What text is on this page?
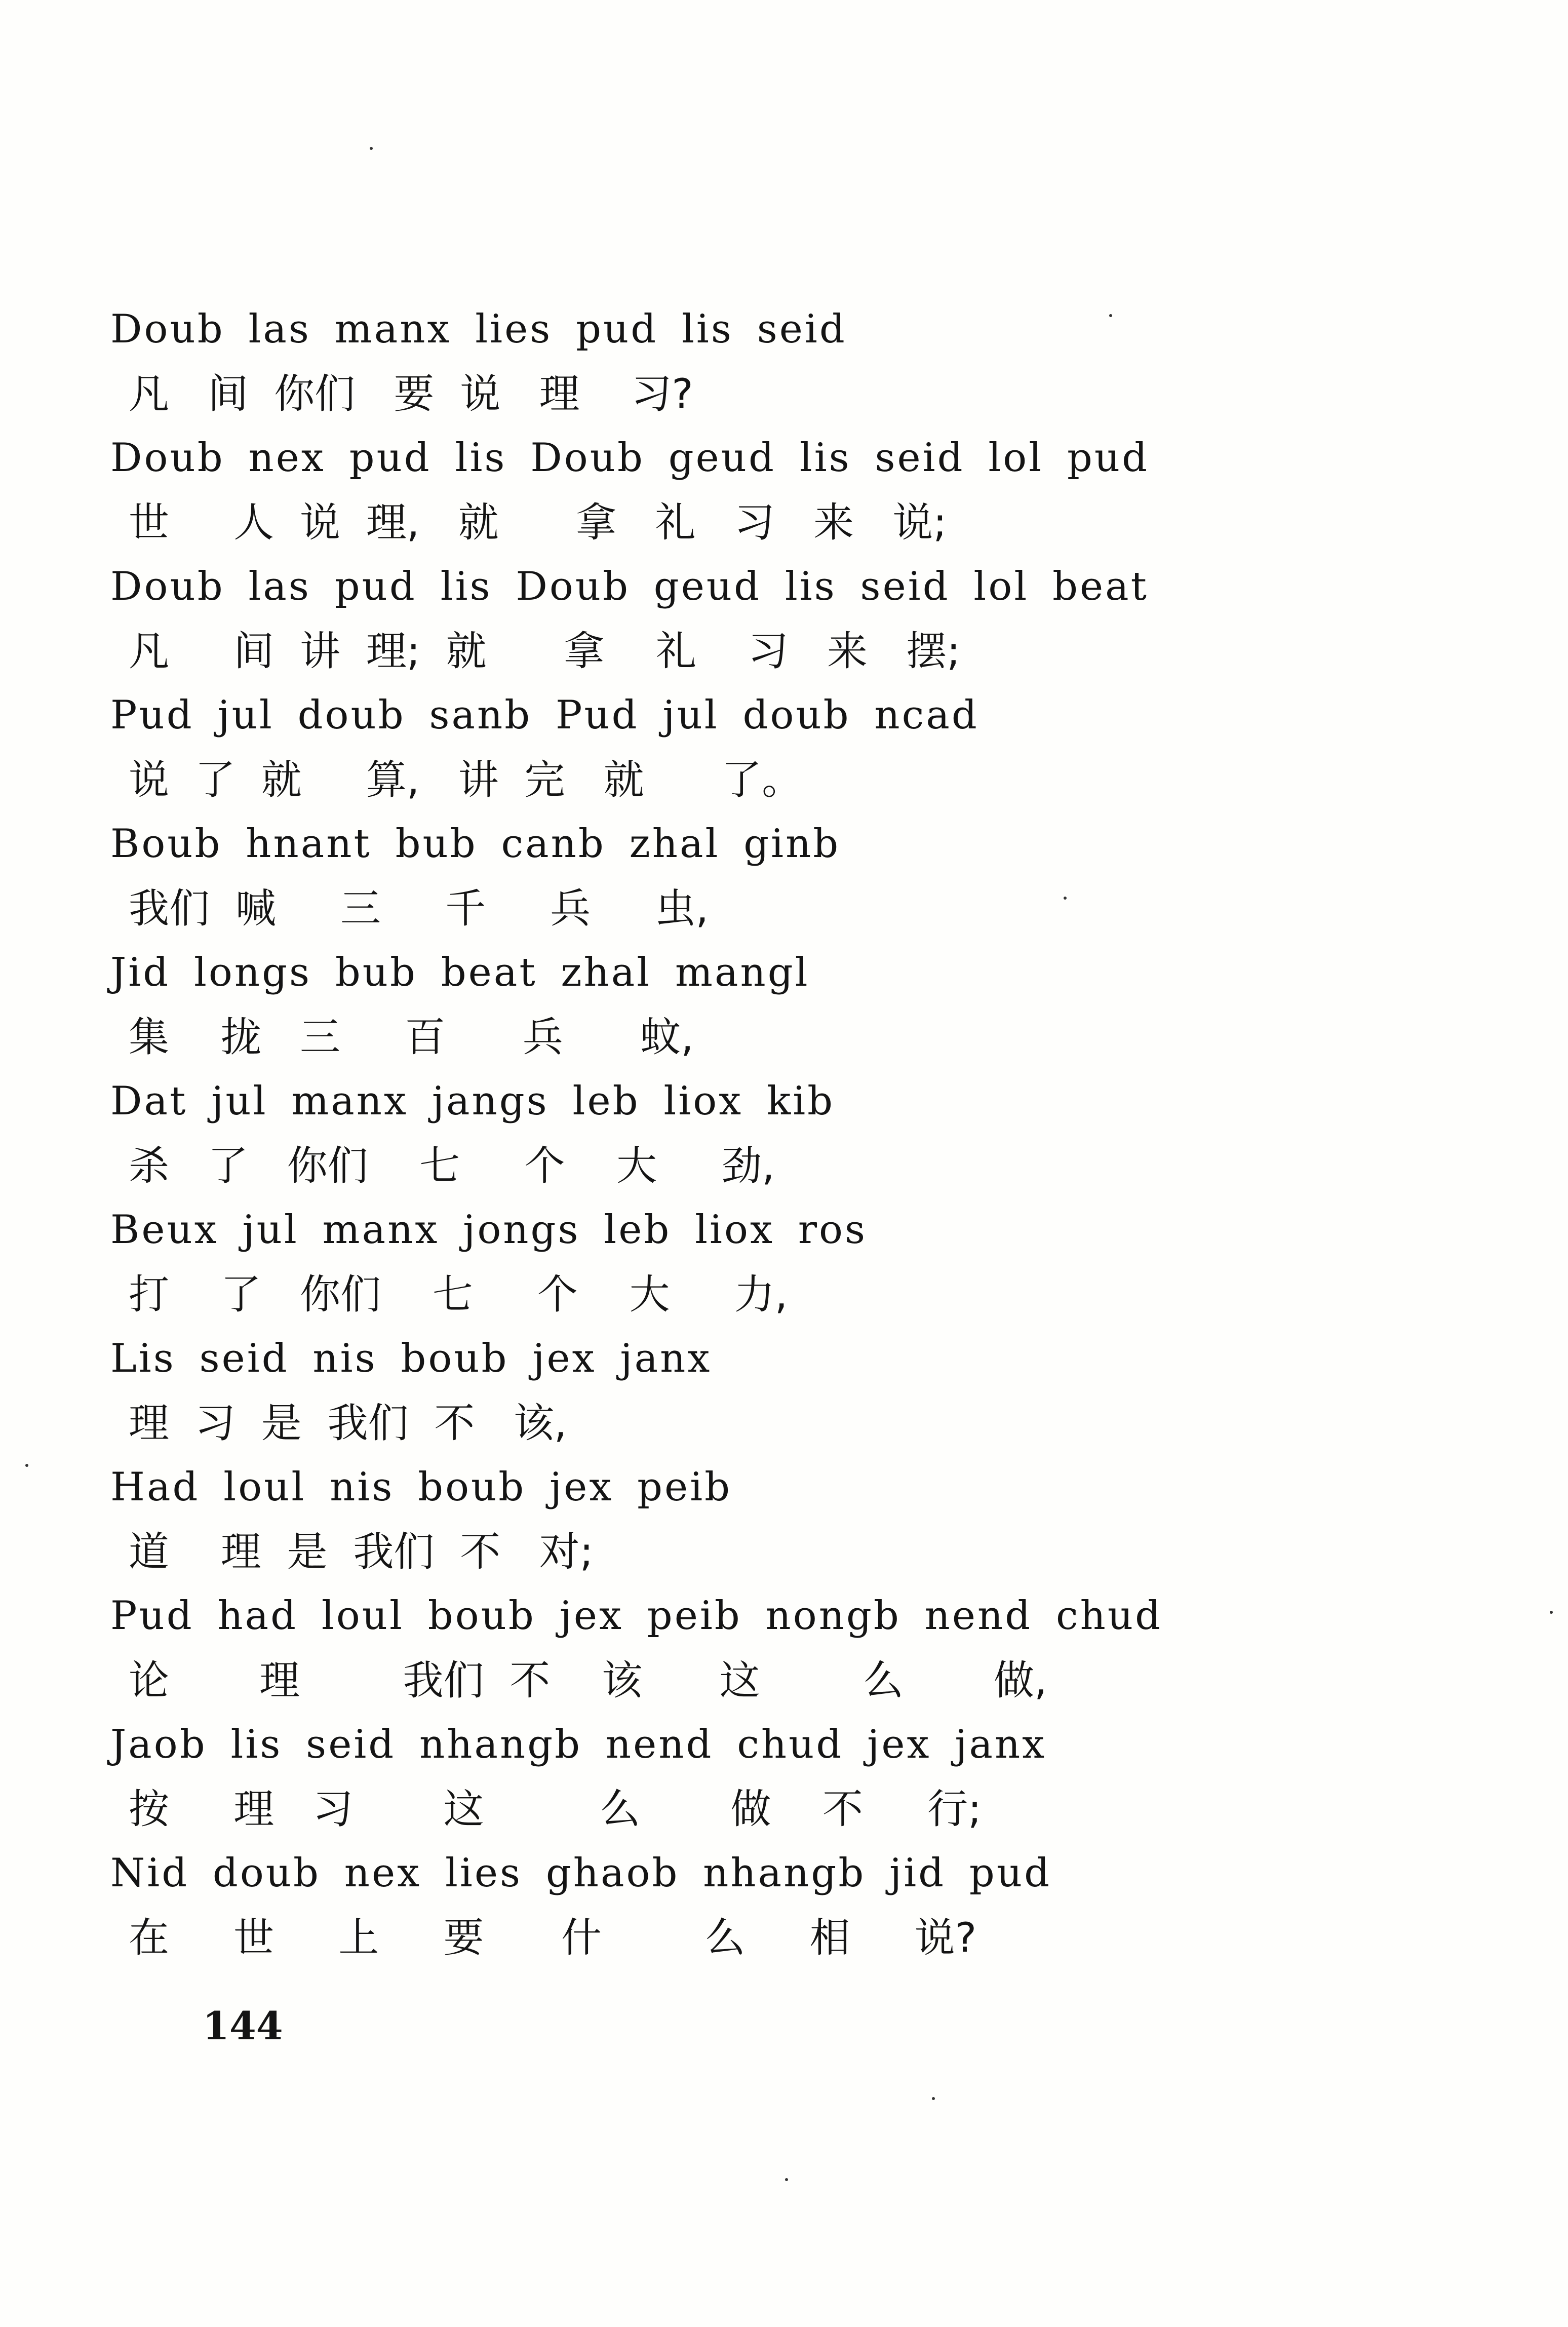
Doub las manx lies pud lis seid
凡   间  你们   要  说   理    习?
Doub nex pud lis Doub geud lis seid lol pud
世     人  说  理,   就      拿   礼   习   来   说;
Doub las pud lis Doub geud lis seid lol beat
凡     间  讲  理;  就      拿    礼    习   来   摆;
Pud jul doub sanb Pud jul doub ncad
说  了  就     算,   讲  完   就      了。
Boub hnant bub canb zhal ginb
我们  喊     三     千     兵     虫,
Jid longs bub beat zhal mangl
集    拢   三     百      兵      蚊,
Dat jul manx jangs leb liox kib
杀   了   你们    七     个    大     劲,
Beux jul manx jongs leb liox ros
打    了   你们    七     个    大     力,
Lis seid nis boub jex janx
理  习  是  我们  不   该,
Had loul nis boub jex peib
道    理  是  我们  不   对;
Pud had loul boub jex peib nongb nend chud
论       理        我们  不    该      这        么       做,
Jaob lis seid nhangb nend chud jex janx
按     理   习       这         么       做    不     行;
Nid doub nex lies ghaob nhangb jid pud
在     世     上     要      什        么     相     说?
144
